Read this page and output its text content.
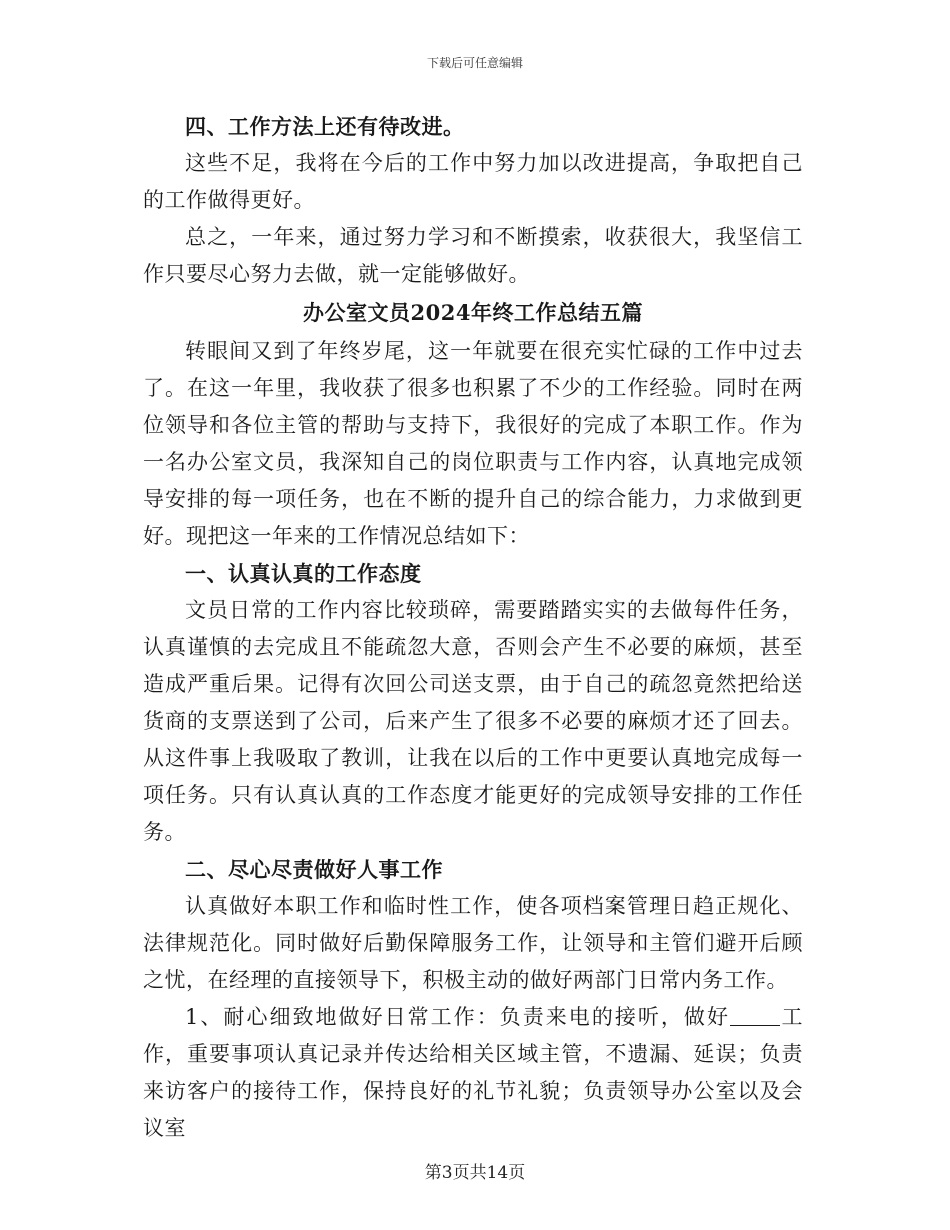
下载后可任意编辑

四、工作方法上还有待改进。

这些不足，我将在今后的工作中努力加以改进提高，争取把自己的工作做得更好。

总之，一年来，通过努力学习和不断摸索，收获很大，我坚信工作只要尽心努力去做，就一定能够做好。

办公室文员2024年终工作总结五篇

转眼间又到了年终岁尾，这一年就要在很充实忙碌的工作中过去了。在这一年里，我收获了很多也积累了不少的工作经验。同时在两位领导和各位主管的帮助与支持下，我很好的完成了本职工作。作为一名办公室文员，我深知自己的岗位职责与工作内容，认真地完成领导安排的每一项任务，也在不断的提升自己的综合能力，力求做到更好。现把这一年来的工作情况总结如下：

一、认真认真的工作态度

文员日常的工作内容比较琐碎，需要踏踏实实的去做每件任务，认真谨慎的去完成且不能疏忽大意，否则会产生不必要的麻烦，甚至造成严重后果。记得有次回公司送支票，由于自己的疏忽竟然把给送货商的支票送到了公司，后来产生了很多不必要的麻烦才还了回去。从这件事上我吸取了教训，让我在以后的工作中更要认真地完成每一项任务。只有认真认真的工作态度才能更好的完成领导安排的工作任务。

二、尽心尽责做好人事工作

认真做好本职工作和临时性工作，使各项档案管理日趋正规化、法律规范化。同时做好后勤保障服务工作，让领导和主管们避开后顾之忧，在经理的直接领导下，积极主动的做好两部门日常内务工作。

1、耐心细致地做好日常工作：负责来电的接听，做好 工作，重要事项认真记录并传达给相关区域主管，不遗漏、延误；负责来访客户的接待工作，保持良好的礼节礼貌；负责领导办公室以及会议室

第3页共14页
